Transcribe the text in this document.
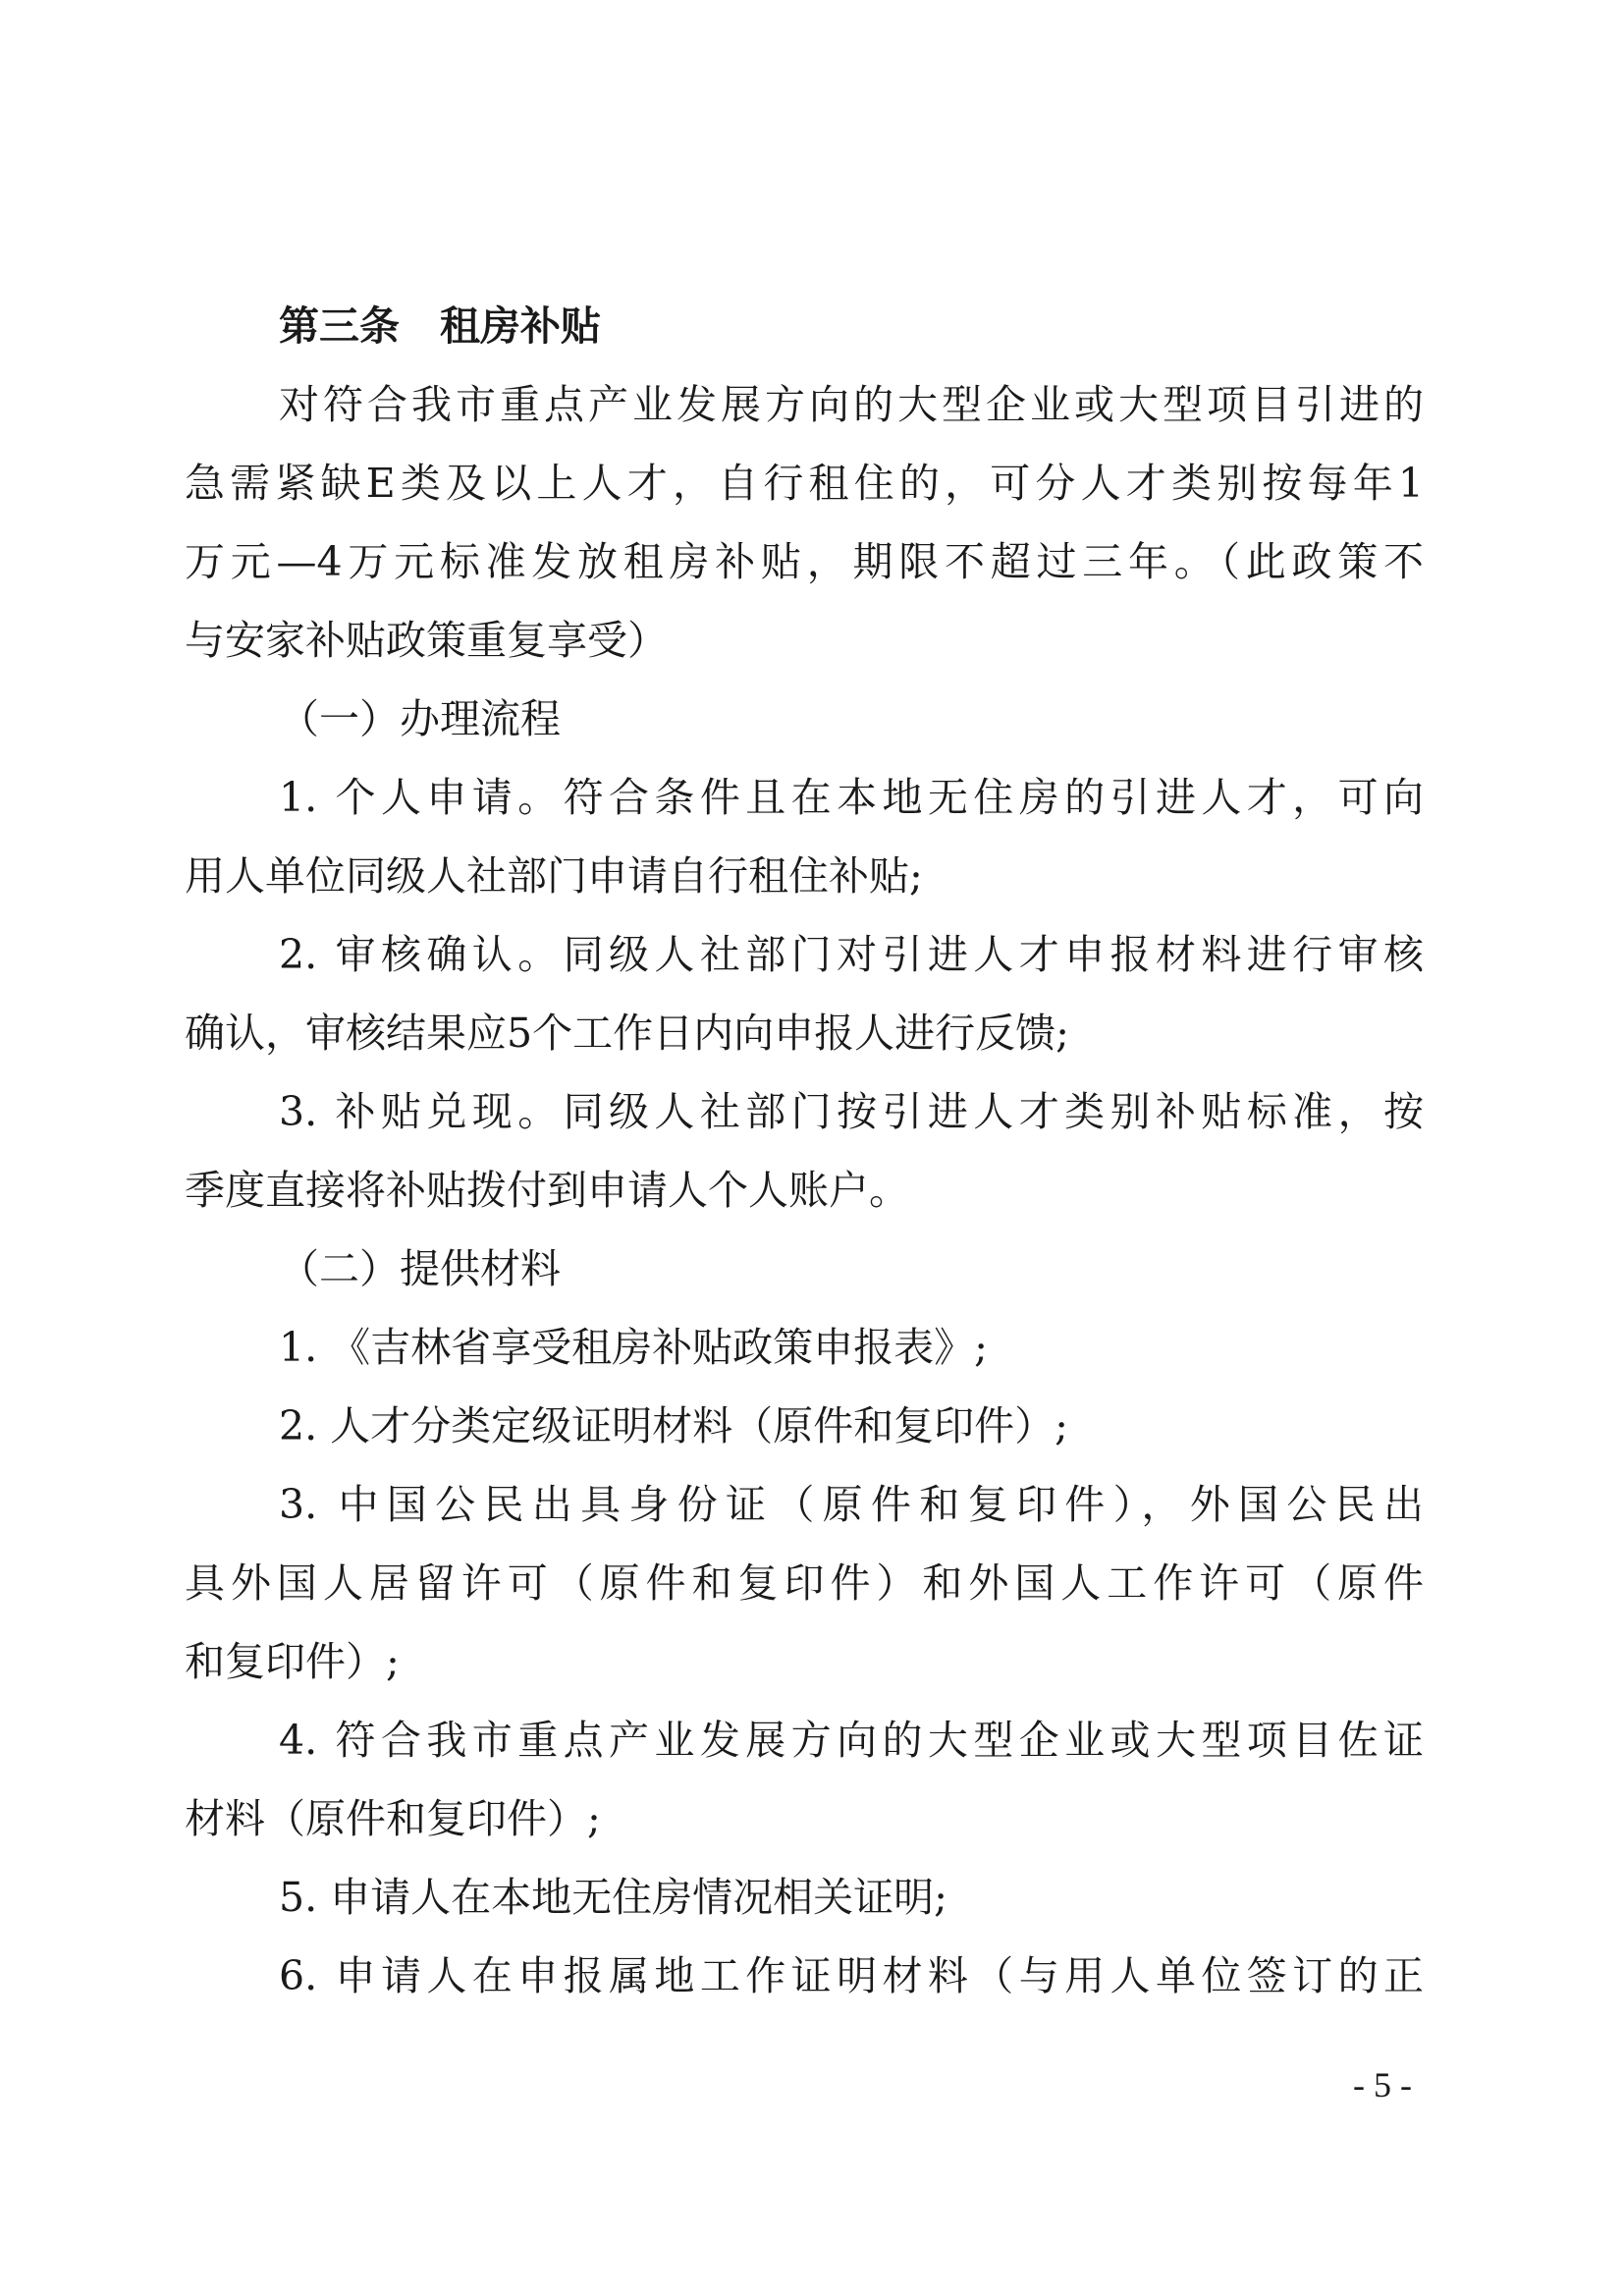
第三条　租房补贴
对符合我市重点产业发展方向的大型企业或大型项目引进的
急需紧缺E类及以上人才，自行租住的，可分人才类别按每年1
万元—4万元标准发放租房补贴，期限不超过三年。（此政策不
与安家补贴政策重复享受）
（一）办理流程
1. 个人申请。符合条件且在本地无住房的引进人才，可向
用人单位同级人社部门申请自行租住补贴;
2. 审核确认。同级人社部门对引进人才申报材料进行审核
确认，审核结果应5个工作日内向申报人进行反馈;
3. 补贴兑现。同级人社部门按引进人才类别补贴标准，按
季度直接将补贴拨付到申请人个人账户。
（二）提供材料
1. 《吉林省享受租房补贴政策申报表》;
2. 人才分类定级证明材料（原件和复印件）;
3. 中国公民出具身份证（原件和复印件），外国公民出
具外国人居留许可（原件和复印件）和外国人工作许可（原件
和复印件）;
4. 符合我市重点产业发展方向的大型企业或大型项目佐证
材料（原件和复印件）;
5. 申请人在本地无住房情况相关证明;
6. 申请人在申报属地工作证明材料（与用人单位签订的正
- 5 -
